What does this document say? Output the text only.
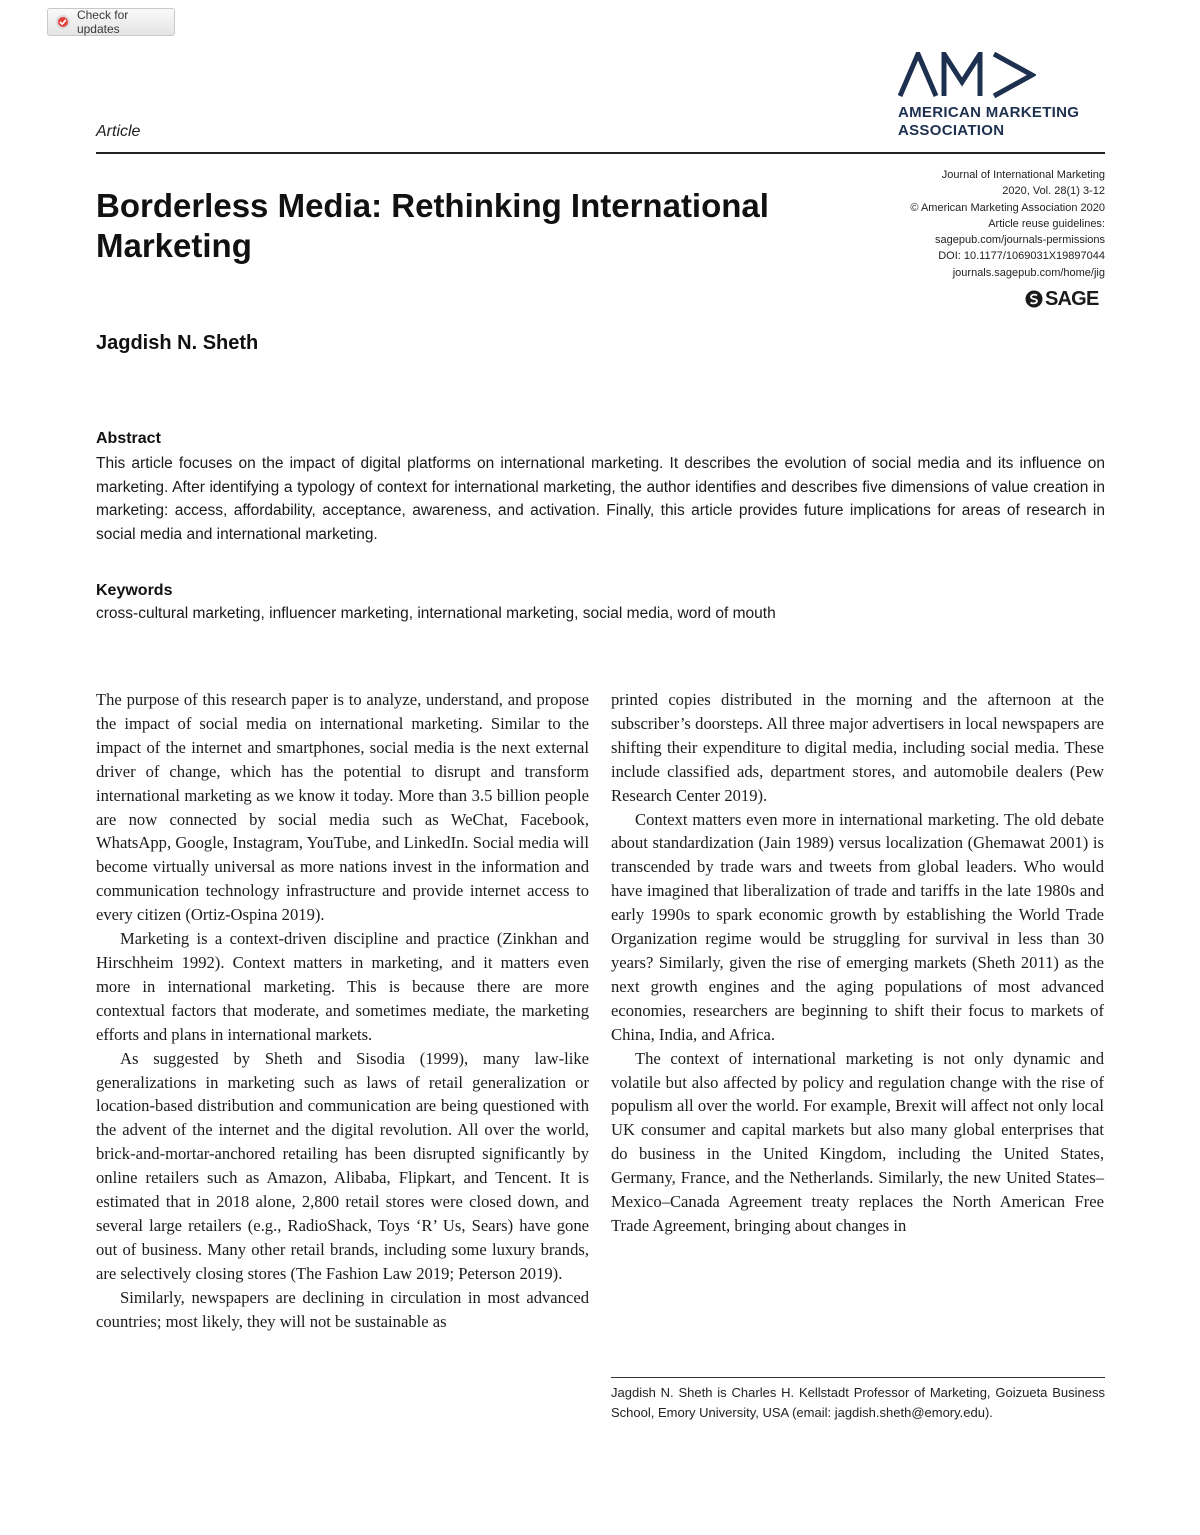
Check for updates
AMERICAN MARKETING
ASSOCIATION
Article
Borderless Media: Rethinking International Marketing
Jagdish N. Sheth
Journal of International Marketing
2020, Vol. 28(1) 3-12
© American Marketing Association 2020
Article reuse guidelines:
sagepub.com/journals-permissions
DOI: 10.1177/1069031X19897044
journals.sagepub.com/home/jig
SAGE
Abstract

This article focuses on the impact of digital platforms on international marketing. It describes the evolution of social media and its influence on marketing. After identifying a typology of context for international marketing, the author identifies and describes five dimensions of value creation in marketing: access, affordability, acceptance, awareness, and activation. Finally, this article provides future implications for areas of research in social media and international marketing.

Keywords
cross-cultural marketing, influencer marketing, international marketing, social media, word of mouth

The purpose of this research paper is to analyze, understand, and propose the impact of social media on international marketing. Similar to the impact of the internet and smartphones, social media is the next external driver of change, which has the potential to disrupt and transform international marketing as we know it today. More than 3.5 billion people are now connected by social media such as WeChat, Facebook, WhatsApp, Google, Instagram, YouTube, and LinkedIn. Social media will become virtually universal as more nations invest in the information and communication technology infrastructure and provide internet access to every citizen (Ortiz-Ospina 2019).

Marketing is a context-driven discipline and practice (Zinkhan and Hirschheim 1992). Context matters in marketing, and it matters even more in international marketing. This is because there are more contextual factors that moderate, and sometimes mediate, the marketing efforts and plans in international markets.

As suggested by Sheth and Sisodia (1999), many law-like generalizations in marketing such as laws of retail generalization or location-based distribution and communication are being questioned with the advent of the internet and the digital revolution. All over the world, brick-and-mortar-anchored retailing has been disrupted significantly by online retailers such as Amazon, Alibaba, Flipkart, and Tencent. It is estimated that in 2018 alone, 2,800 retail stores were closed down, and several large retailers (e.g., RadioShack, Toys ‘R’ Us, Sears) have gone out of business. Many other retail brands, including some luxury brands, are selectively closing stores (The Fashion Law 2019; Peterson 2019).

Similarly, newspapers are declining in circulation in most advanced countries; most likely, they will not be sustainable as

printed copies distributed in the morning and the afternoon at the subscriber’s doorsteps. All three major advertisers in local newspapers are shifting their expenditure to digital media, including social media. These include classified ads, department stores, and automobile dealers (Pew Research Center 2019).

Context matters even more in international marketing. The old debate about standardization (Jain 1989) versus localization (Ghemawat 2001) is transcended by trade wars and tweets from global leaders. Who would have imagined that liberalization of trade and tariffs in the late 1980s and early 1990s to spark economic growth by establishing the World Trade Organization regime would be struggling for survival in less than 30 years? Similarly, given the rise of emerging markets (Sheth 2011) as the next growth engines and the aging populations of most advanced economies, researchers are beginning to shift their focus to markets of China, India, and Africa.

The context of international marketing is not only dynamic and volatile but also affected by policy and regulation change with the rise of populism all over the world. For example, Brexit will affect not only local UK consumer and capital markets but also many global enterprises that do business in the United Kingdom, including the United States, Germany, France, and the Netherlands. Similarly, the new United States–Mexico–Canada Agreement treaty replaces the North American Free Trade Agreement, bringing about changes in

Jagdish N. Sheth is Charles H. Kellstadt Professor of Marketing, Goizueta Business School, Emory University, USA (email: jagdish.sheth@emory.edu).
